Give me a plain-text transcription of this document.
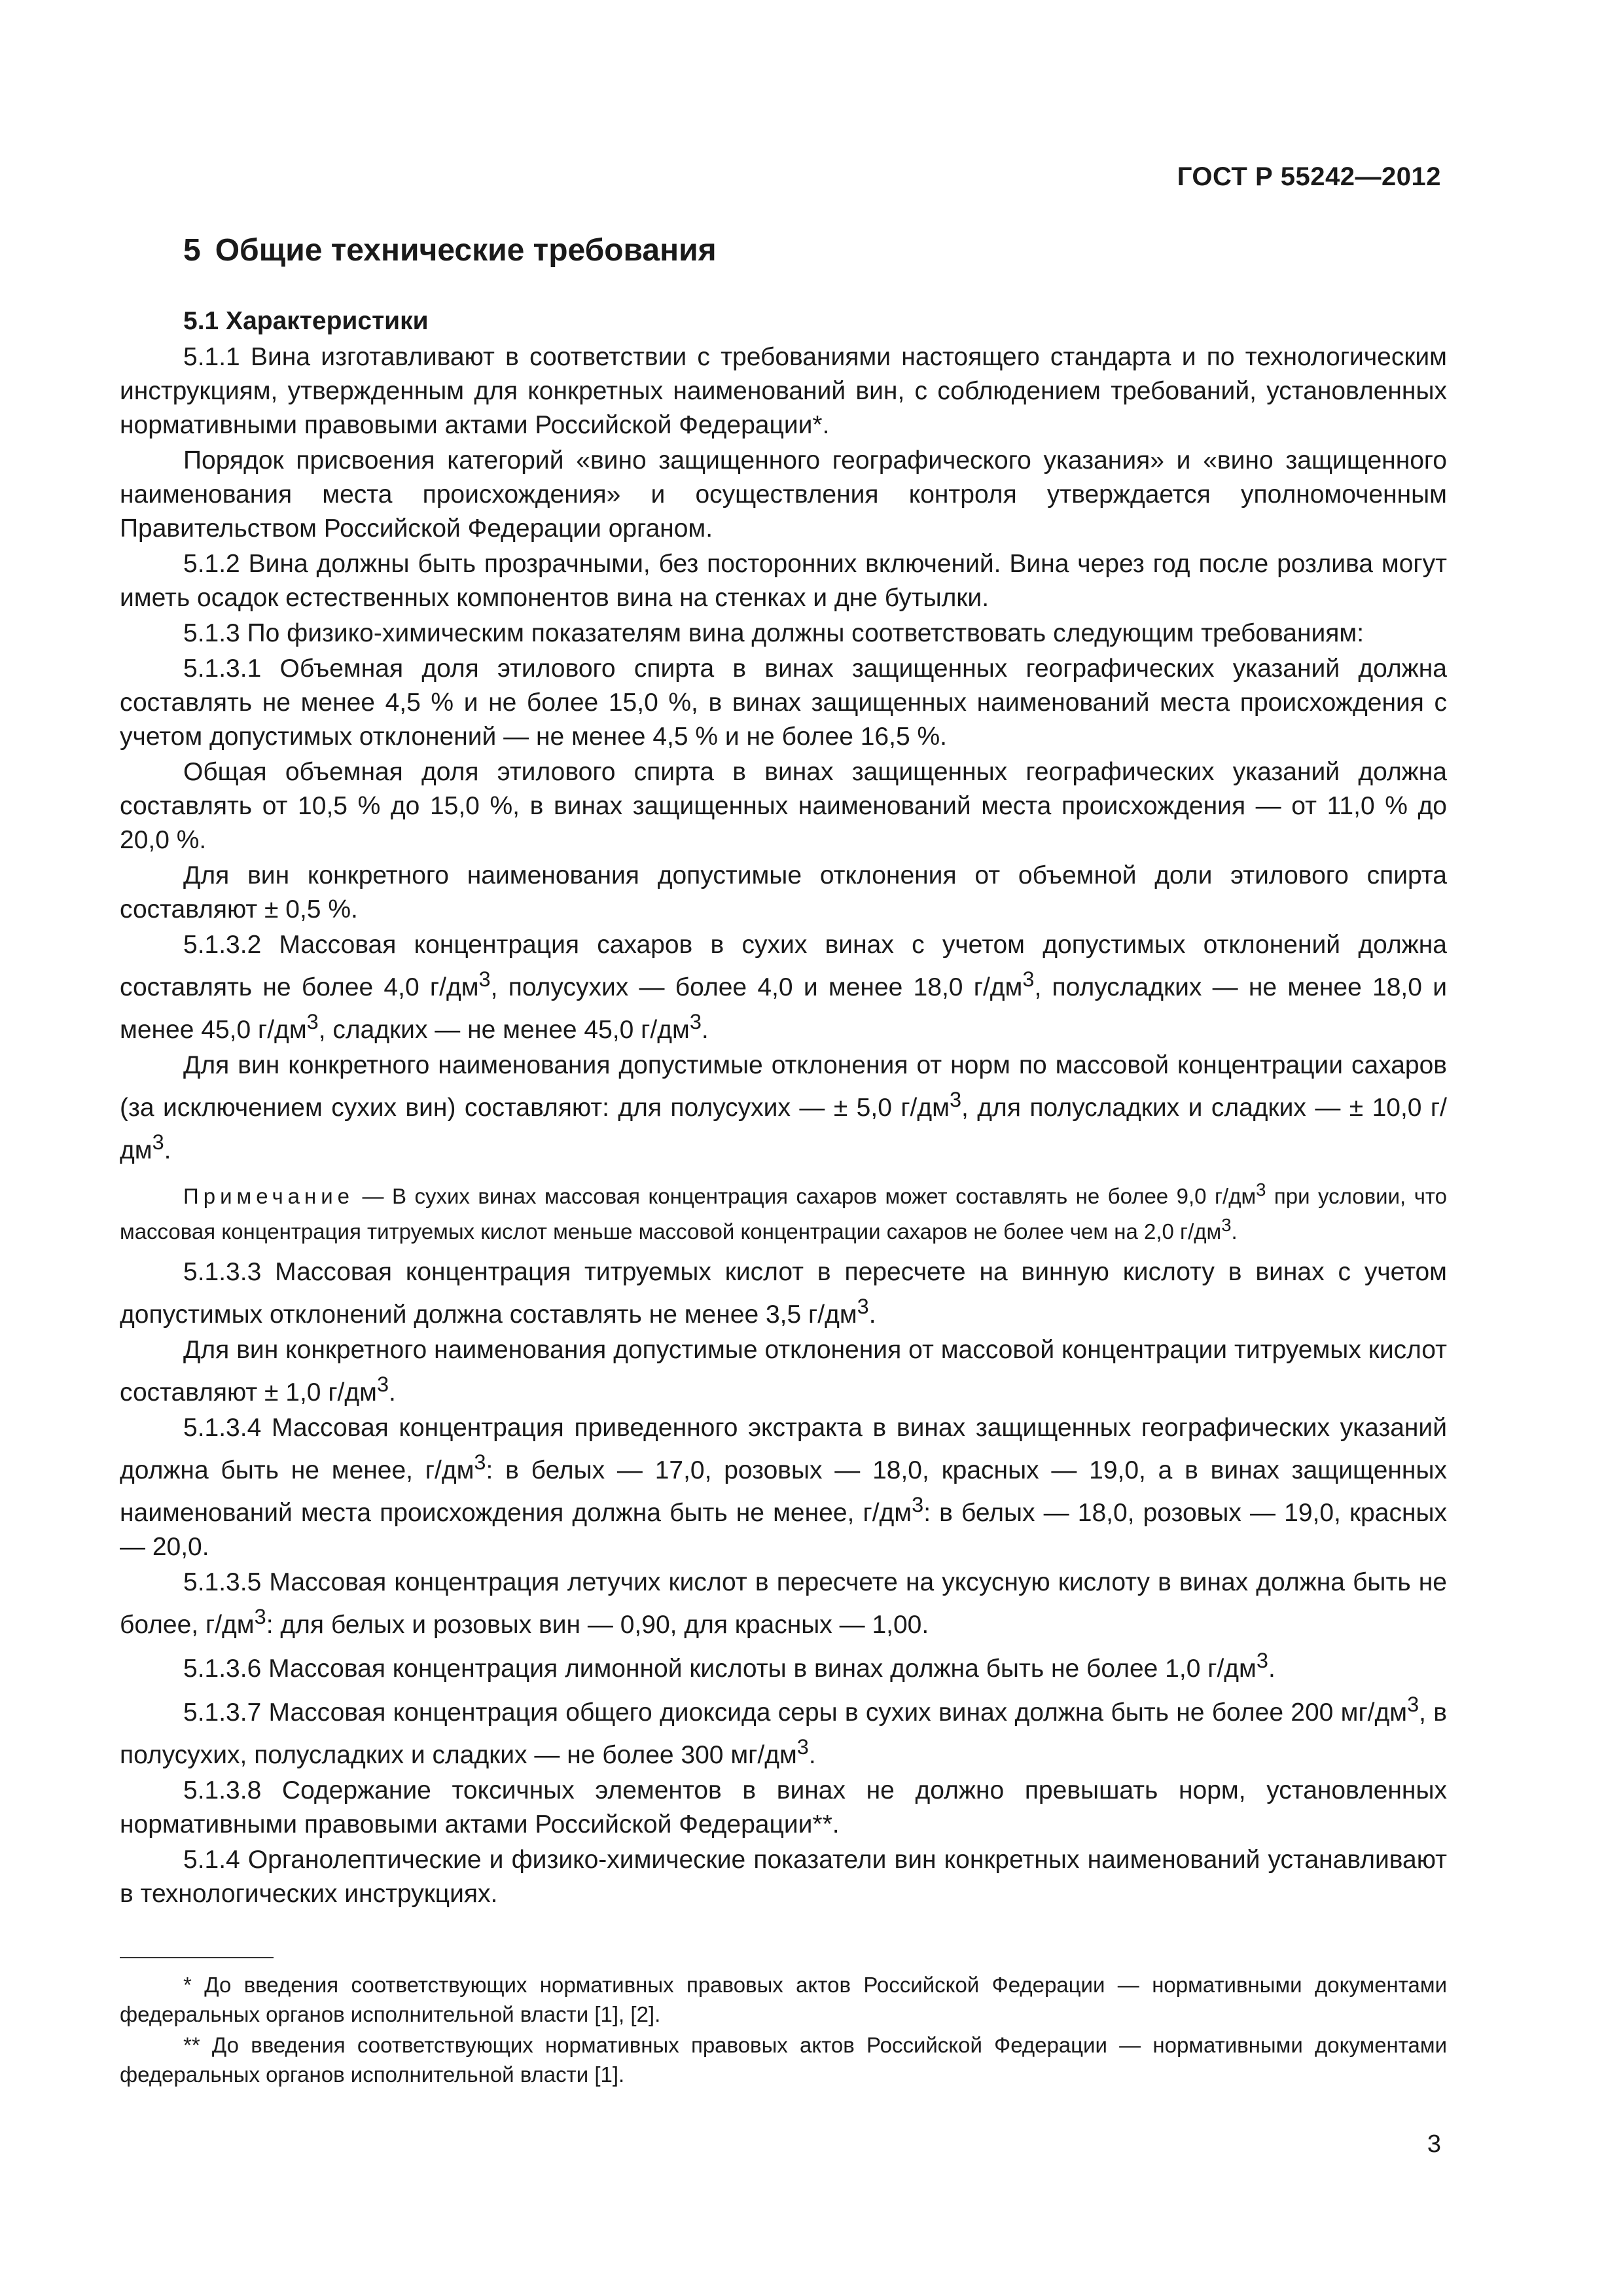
ГОСТ Р 55242—2012
5 Общие технические требования

5.1 Характеристики

5.1.1 Вина изготавливают в соответствии с требованиями настоящего стандарта и по технологическим инструкциям, утвержденным для конкретных наименований вин, с соблюдением требований, установленных нормативными правовыми актами Российской Федерации*.

Порядок присвоения категорий «вино защищенного географического указания» и «вино защищенного наименования места происхождения» и осуществления контроля утверждается уполномоченным Правительством Российской Федерации органом.

5.1.2 Вина должны быть прозрачными, без посторонних включений. Вина через год после розлива могут иметь осадок естественных компонентов вина на стенках и дне бутылки.

5.1.3 По физико-химическим показателям вина должны соответствовать следующим требованиям:

5.1.3.1 Объемная доля этилового спирта в винах защищенных географических указаний должна составлять не менее 4,5 % и не более 15,0 %, в винах защищенных наименований места происхождения с учетом допустимых отклонений — не менее 4,5 % и не более 16,5 %.

Общая объемная доля этилового спирта в винах защищенных географических указаний должна составлять от 10,5 % до 15,0 %, в винах защищенных наименований места происхождения — от 11,0 % до 20,0 %.

Для вин конкретного наименования допустимые отклонения от объемной доли этилового спирта составляют ± 0,5 %.

5.1.3.2 Массовая концентрация сахаров в сухих винах с учетом допустимых отклонений должна составлять не более 4,0 $г/дм^3$, полусухих — более 4,0 и менее 18,0 $г/дм^3$, полусладких — не менее 18,0 и менее 45,0 $г/дм^3$, сладких — не менее 45,0 $г/дм^3$.

Для вин конкретного наименования допустимые отклонения от норм по массовой концентрации сахаров (за исключением сухих вин) составляют: для полусухих — ± 5,0 $г/дм^3$, для полусладких и сладких — ± 10,0 $г/дм^3$.

Примечание — В сухих винах массовая концентрация сахаров может составлять не более 9,0 $г/дм^3$ при условии, что массовая концентрация титруемых кислот меньше массовой концентрации сахаров не более чем на 2,0 $г/дм^3$.

5.1.3.3 Массовая концентрация титруемых кислот в пересчете на винную кислоту в винах с учетом допустимых отклонений должна составлять не менее 3,5 $г/дм^3$.

Для вин конкретного наименования допустимые отклонения от массовой концентрации титруемых кислот составляют ± 1,0 $г/дм^3$.

5.1.3.4 Массовая концентрация приведенного экстракта в винах защищенных географических указаний должна быть не менее, $г/дм^3$: в белых — 17,0, розовых — 18,0, красных — 19,0, а в винах защищенных наименований места происхождения должна быть не менее, $г/дм^3$: в белых — 18,0, розовых — 19,0, красных — 20,0.

5.1.3.5 Массовая концентрация летучих кислот в пересчете на уксусную кислоту в винах должна быть не более, $г/дм^3$: для белых и розовых вин — 0,90, для красных — 1,00.

5.1.3.6 Массовая концентрация лимонной кислоты в винах должна быть не более 1,0 $г/дм^3$.

5.1.3.7 Массовая концентрация общего диоксида серы в сухих винах должна быть не более 200 $мг/дм^3$, в полусухих, полусладких и сладких — не более 300 $мг/дм^3$.

5.1.3.8 Содержание токсичных элементов в винах не должно превышать норм, установленных нормативными правовыми актами Российской Федерации**.

5.1.4 Органолептические и физико-химические показатели вин конкретных наименований устанавливают в технологических инструкциях.

* До введения соответствующих нормативных правовых актов Российской Федерации — нормативными документами федеральных органов исполнительной власти [1], [2].

** До введения соответствующих нормативных правовых актов Российской Федерации — нормативными документами федеральных органов исполнительной власти [1].

3
